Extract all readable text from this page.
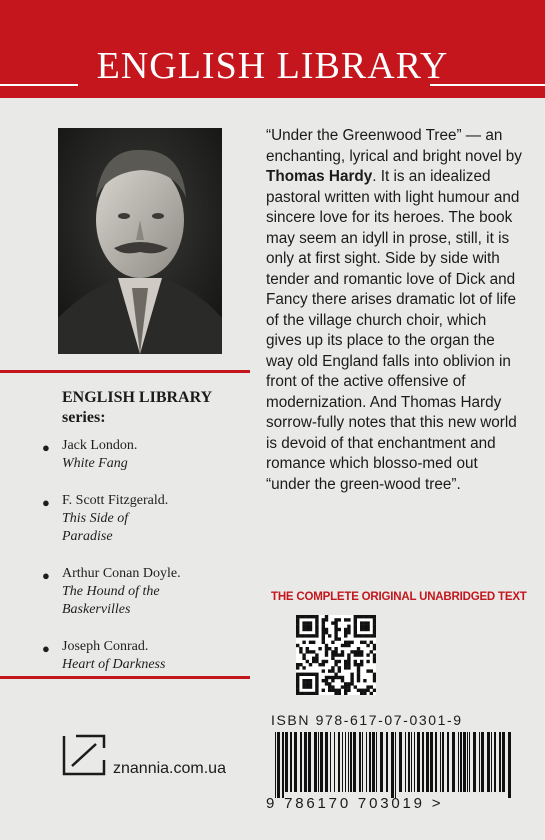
ENGLISH LIBRARY
ENGLISH LIBRARY
series:
● Jack London.
White Fang
● F. Scott Fitzgerald.
This Side of
Paradise
● Arthur Conan Doyle.
The Hound of the
Baskervilles
● Joseph Conrad.
Heart of Darkness
“Under the Greenwood Tree” — an enchanting, lyrical and bright novel by Thomas Hardy. It is an idealized pastoral written with light humour and sincere love for its heroes. The book may seem an idyll in prose, still, it is only at first sight. Side by side with tender and romantic love of Dick and Fancy there arises dramatic lot of life of the village church choir, which gives up its place to the organ the way old England falls into oblivion in front of the active offensive of modernization. And Thomas Hardy sorrow-fully notes that this new world is devoid of that enchantment and romance which blosso-med out “under the green-wood tree”.
THE COMPLETE ORIGINAL UNABRIDGED TEXT
ISBN 978-617-07-0301-9
9 786170 703019 >
znannia.com.ua
